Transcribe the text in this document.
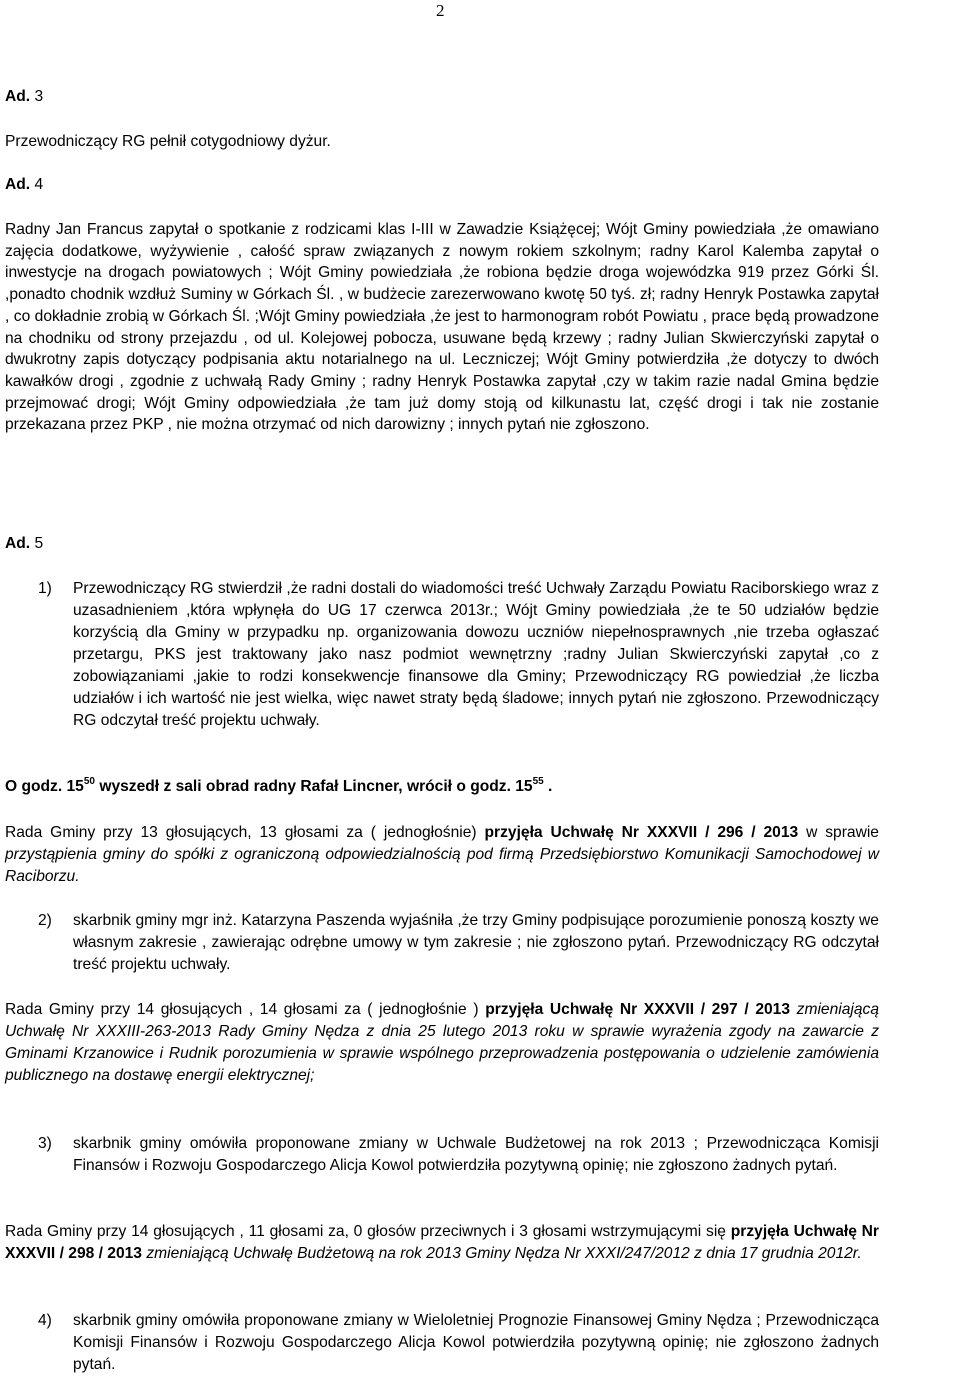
2
Ad. 3

Przewodniczący RG pełnił cotygodniowy dyżur.

Ad. 4

Radny Jan Francus zapytał o spotkanie z rodzicami klas I-III w Zawadzie Książęcej; Wójt Gminy powiedziała ,że omawiano zajęcia dodatkowe, wyżywienie , całość spraw związanych z nowym rokiem szkolnym; radny Karol Kalemba zapytał o inwestycje na drogach powiatowych ; Wójt Gminy powiedziała ,że robiona będzie droga wojewódzka 919 przez Górki Śl. ,ponadto chodnik wzdłuż Suminy w Górkach Śl. , w budżecie zarezerwowano kwotę 50 tyś. zł; radny Henryk Postawka zapytał , co dokładnie zrobią w Górkach Śl. ;Wójt Gminy powiedziała ,że jest to harmonogram robót Powiatu , prace będą prowadzone na chodniku od strony przejazdu , od ul. Kolejowej pobocza, usuwane będą krzewy ; radny Julian Skwierczyński zapytał o dwukrotny zapis dotyczący podpisania aktu notarialnego na ul. Leczniczej; Wójt Gminy potwierdziła ,że dotyczy to dwóch kawałków drogi , zgodnie z uchwałą Rady Gminy ; radny Henryk Postawka zapytał ,czy w takim razie nadal Gmina będzie przejmować drogi; Wójt Gminy odpowiedziała ,że tam już domy stoją od kilkunastu lat, część drogi i tak nie zostanie przekazana przez PKP , nie można otrzymać od nich darowizny ; innych pytań nie zgłoszono.

Ad. 5
1) Przewodniczący RG stwierdził ,że radni dostali do wiadomości treść Uchwały Zarządu Powiatu Raciborskiego wraz z uzasadnieniem ,która wpłynęła do UG 17 czerwca 2013r.; Wójt Gminy powiedziała ,że te 50 udziałów będzie korzyścią dla Gminy w przypadku np. organizowania dowozu uczniów niepełnosprawnych ,nie trzeba ogłaszać przetargu, PKS jest traktowany jako nasz podmiot wewnętrzny ;radny Julian Skwierczyński zapytał ,co z zobowiązaniami ,jakie to rodzi konsekwencje finansowe dla Gminy; Przewodniczący RG powiedział ,że liczba udziałów i ich wartość nie jest wielka, więc nawet straty będą śladowe; innych pytań nie zgłoszono. Przewodniczący RG odczytał treść projektu uchwały.
O godz. $15^{50}$ wyszedł z sali obrad radny Rafał Lincner, wrócił o godz. $15^{55}$ .

Rada Gminy przy 13 głosujących, 13 głosami za ( jednogłośnie) przyjęła Uchwałę Nr XXXVII / 296 / 2013 w sprawie przystąpienia gminy do spółki z ograniczoną odpowiedzialnością pod firmą Przedsiębiorstwo Komunikacji Samochodowej w Raciborzu.

2) skarbnik gminy mgr inż. Katarzyna Paszenda wyjaśniła ,że trzy Gminy podpisujące porozumienie ponoszą koszty we własnym zakresie , zawierając odrębne umowy w tym zakresie ; nie zgłoszono pytań. Przewodniczący RG odczytał treść projektu uchwały.

Rada Gminy przy 14 głosujących , 14 głosami za ( jednogłośnie ) przyjęła Uchwałę Nr XXXVII / 297 / 2013 zmieniającą Uchwałę Nr XXXIII-263-2013 Rady Gminy Nędza z dnia 25 lutego 2013 roku w sprawie wyrażenia zgody na zawarcie z Gminami Krzanowice i Rudnik porozumienia w sprawie wspólnego przeprowadzenia postępowania o udzielenie zamówienia publicznego na dostawę energii elektrycznej;

3) skarbnik gminy omówiła proponowane zmiany w Uchwale Budżetowej na rok 2013 ; Przewodnicząca Komisji Finansów i Rozwoju Gospodarczego Alicja Kowol potwierdziła pozytywną opinię; nie zgłoszono żadnych pytań.

Rada Gminy przy 14 głosujących , 11 głosami za, 0 głosów przeciwnych i 3 głosami wstrzymującymi się przyjęła Uchwałę Nr XXXVII / 298 / 2013 zmieniającą Uchwałę Budżetową na rok 2013 Gminy Nędza Nr XXXI/247/2012 z dnia 17 grudnia 2012r.

4) skarbnik gminy omówiła proponowane zmiany w Wieloletniej Prognozie Finansowej Gminy Nędza ; Przewodnicząca Komisji Finansów i Rozwoju Gospodarczego Alicja Kowol potwierdziła pozytywną opinię; nie zgłoszono żadnych pytań.
